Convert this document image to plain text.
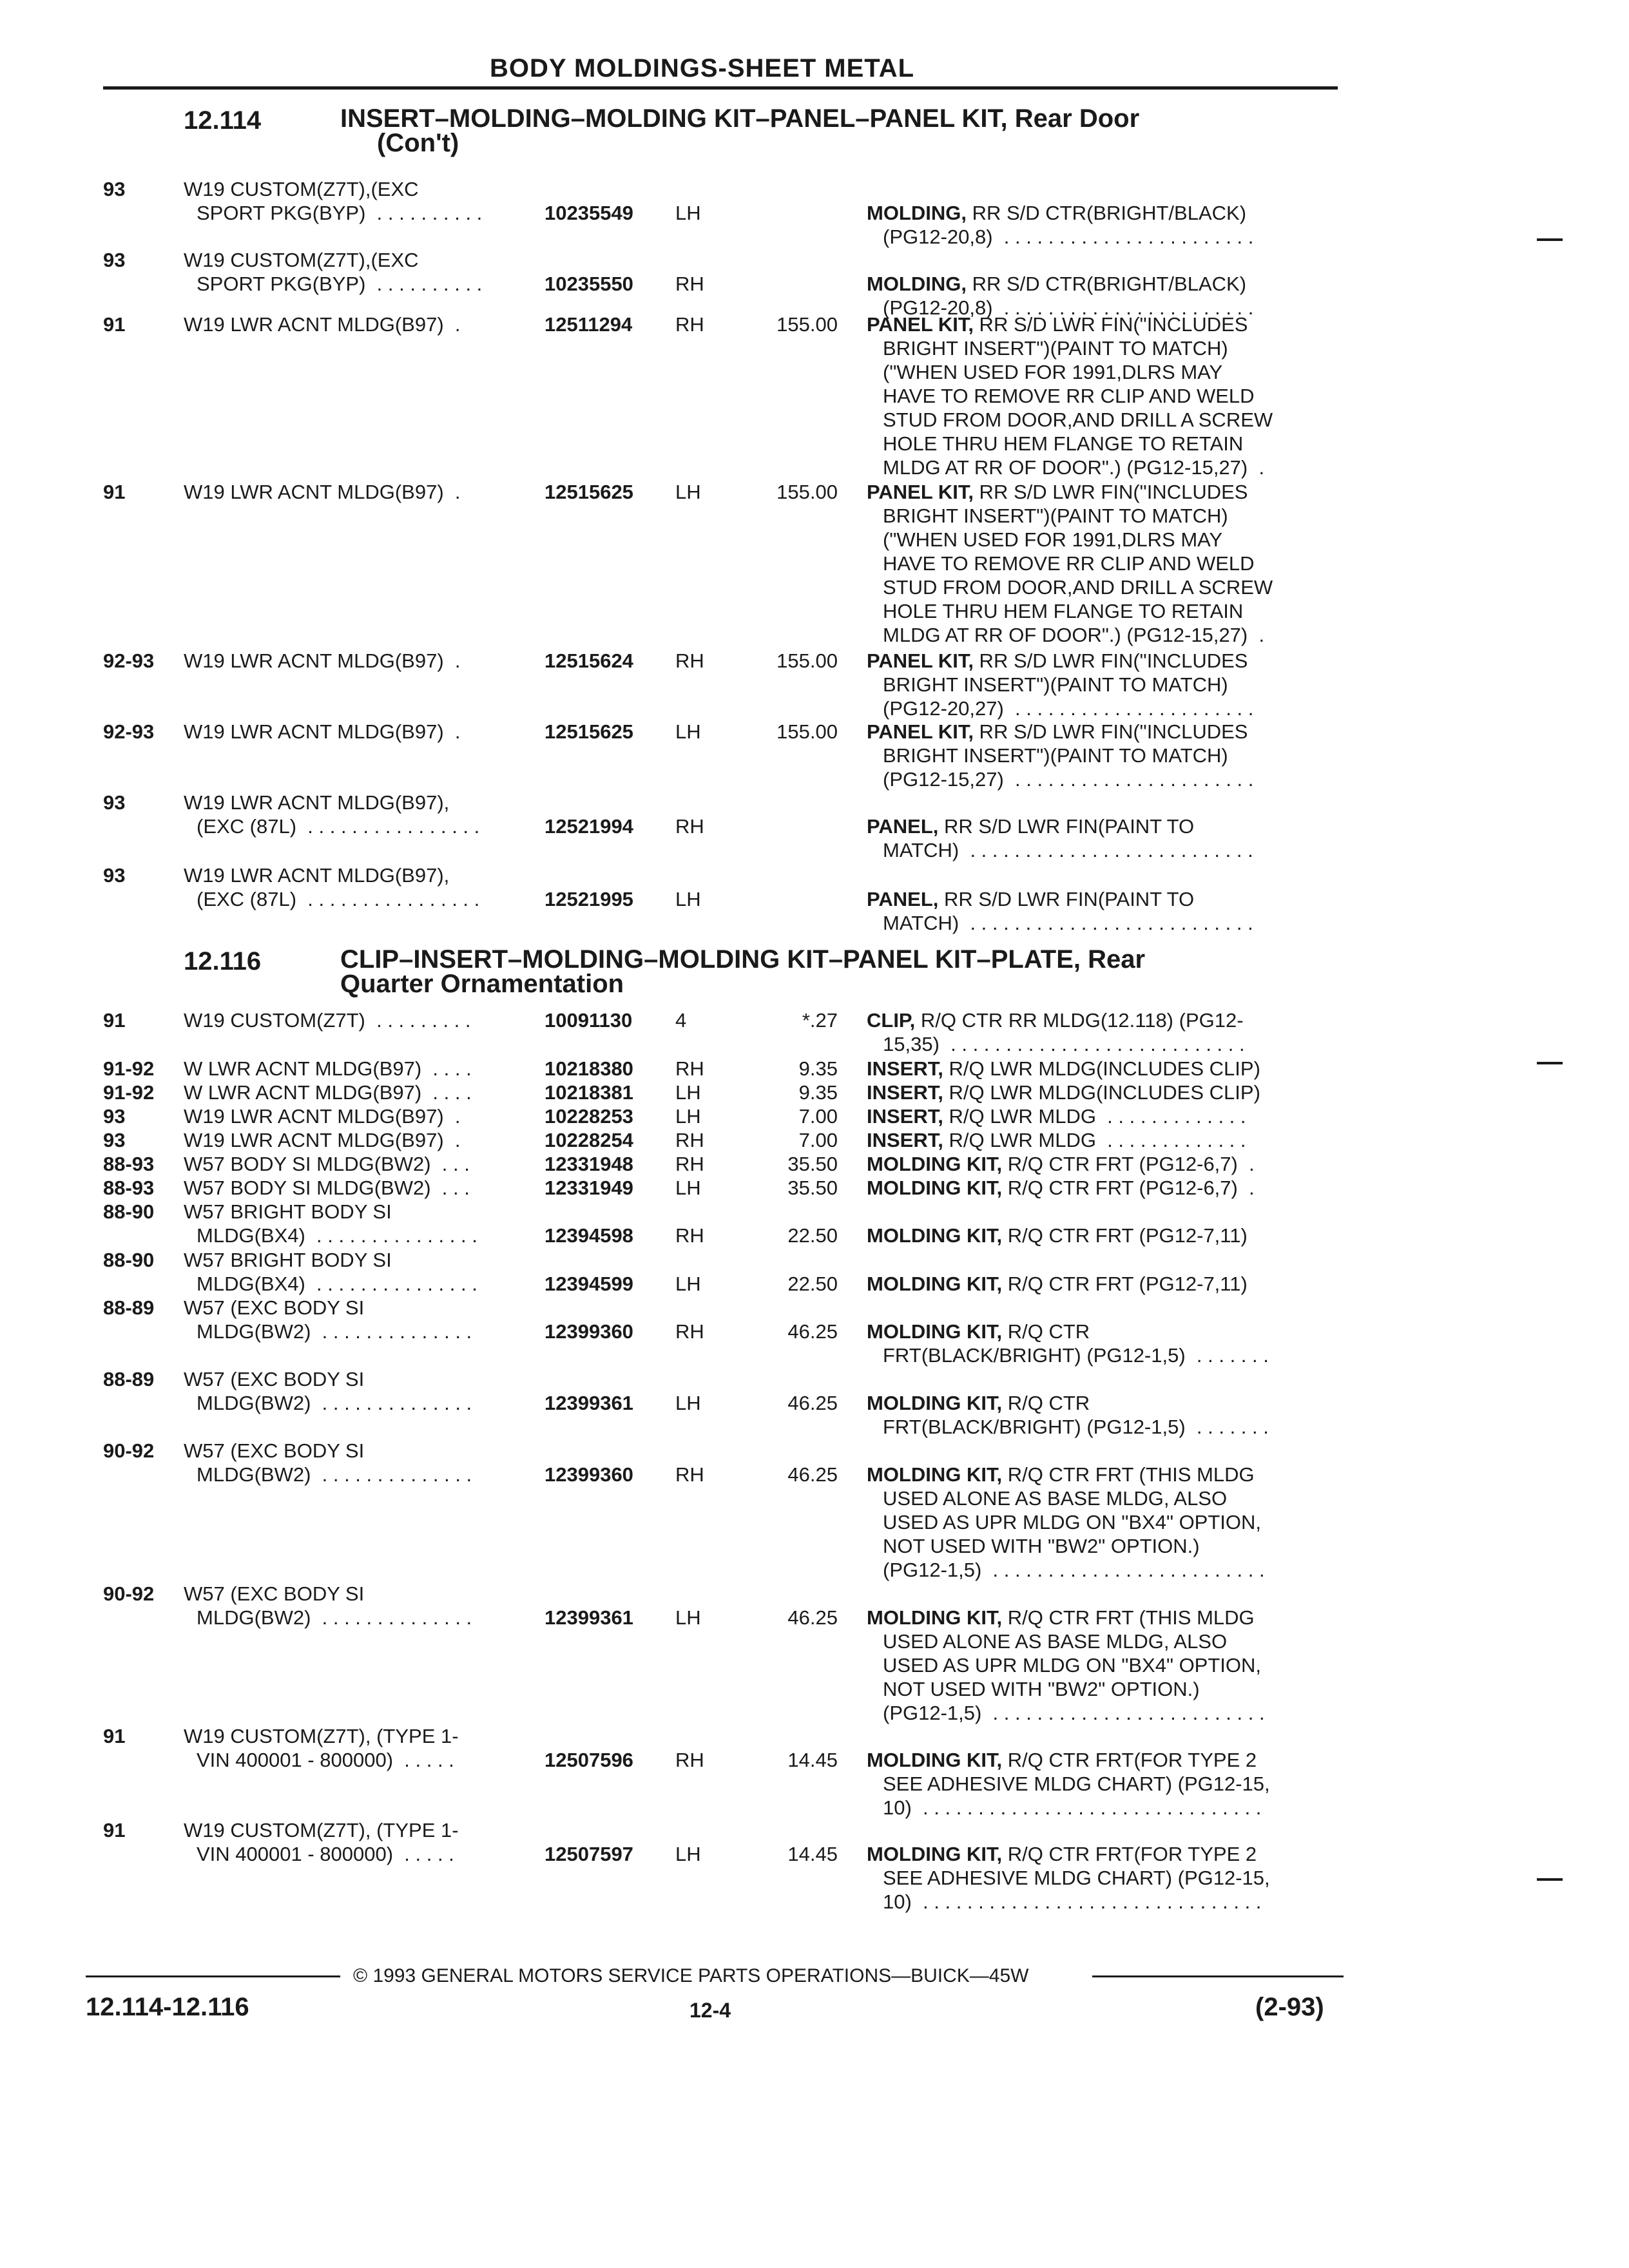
BODY MOLDINGS-SHEET METAL
12.114	INSERT–MOLDING–MOLDING KIT–PANEL–PANEL KIT, Rear Door
(Con't)
12.116	CLIP–INSERT–MOLDING–MOLDING KIT–PANEL KIT–PLATE, Rear
Quarter Ornamentation
93	W19 CUSTOM(Z7T),(EXC
SPORT PKG(BYP)  . . . . . . . . . .	10235549 LH	MOLDING, RR S/D CTR(BRIGHT/BLACK)
(PG12-20,8)  . . . . . . . . . . . . . . . . . . . . . . .
93	W19 CUSTOM(Z7T),(EXC
SPORT PKG(BYP)  . . . . . . . . . .	10235550 RH	MOLDING, RR S/D CTR(BRIGHT/BLACK)
(PG12-20,8)  . . . . . . . . . . . . . . . . . . . . . . .
91	W19 LWR ACNT MLDG(B97)  .	12511294 RH	155.00 PANEL KIT, RR S/D LWR FIN("INCLUDES
BRIGHT INSERT")(PAINT TO MATCH)
("WHEN USED FOR 1991,DLRS MAY
HAVE TO REMOVE RR CLIP AND WELD
STUD FROM DOOR,AND DRILL A SCREW
HOLE THRU HEM FLANGE TO RETAIN
MLDG AT RR OF DOOR".) (PG12-15,27)  .
91	W19 LWR ACNT MLDG(B97)  .	12515625 LH	155.00 PANEL KIT, RR S/D LWR FIN("INCLUDES
BRIGHT INSERT")(PAINT TO MATCH)
("WHEN USED FOR 1991,DLRS MAY
HAVE TO REMOVE RR CLIP AND WELD
STUD FROM DOOR,AND DRILL A SCREW
HOLE THRU HEM FLANGE TO RETAIN
MLDG AT RR OF DOOR".) (PG12-15,27)  .
92-93 W19 LWR ACNT MLDG(B97)  .	12515624 RH	155.00 PANEL KIT, RR S/D LWR FIN("INCLUDES
BRIGHT INSERT")(PAINT TO MATCH)
(PG12-20,27)  . . . . . . . . . . . . . . . . . . . . . .
92-93 W19 LWR ACNT MLDG(B97)  .	12515625 LH	155.00 PANEL KIT, RR S/D LWR FIN("INCLUDES
BRIGHT INSERT")(PAINT TO MATCH)
(PG12-15,27)  . . . . . . . . . . . . . . . . . . . . . .
93	W19 LWR ACNT MLDG(B97),
(EXC (87L)  . . . . . . . . . . . . . . . .	12521994 RH	PANEL, RR S/D LWR FIN(PAINT TO
MATCH)  . . . . . . . . . . . . . . . . . . . . . . . . . .
93	W19 LWR ACNT MLDG(B97),
(EXC (87L)  . . . . . . . . . . . . . . . .	12521995 LH	PANEL, RR S/D LWR FIN(PAINT TO
MATCH)  . . . . . . . . . . . . . . . . . . . . . . . . . .
91	W19 CUSTOM(Z7T)  . . . . . . . . .	10091130 4	*.27 CLIP, R/Q CTR RR MLDG(12.118) (PG12-
15,35)  . . . . . . . . . . . . . . . . . . . . . . . . . . .
91-92 W LWR ACNT MLDG(B97)  . . . .	10218380 RH	9.35 INSERT, R/Q LWR MLDG(INCLUDES CLIP)
91-92 W LWR ACNT MLDG(B97)  . . . .	10218381 LH	9.35 INSERT, R/Q LWR MLDG(INCLUDES CLIP)
93	W19 LWR ACNT MLDG(B97)  .	10228253 LH	7.00 INSERT, R/Q LWR MLDG  . . . . . . . . . . . . .
93	W19 LWR ACNT MLDG(B97)  .	10228254 RH	7.00 INSERT, R/Q LWR MLDG  . . . . . . . . . . . . .
88-93 W57 BODY SI MLDG(BW2)  . . .	12331948 RH	35.50 MOLDING KIT, R/Q CTR FRT (PG12-6,7)  .
88-93 W57 BODY SI MLDG(BW2)  . . .	12331949 LH	35.50 MOLDING KIT, R/Q CTR FRT (PG12-6,7)  .
88-90 W57 BRIGHT BODY SI
MLDG(BX4)  . . . . . . . . . . . . . . .	12394598 RH	22.50 MOLDING KIT, R/Q CTR FRT (PG12-7,11)
88-90 W57 BRIGHT BODY SI
MLDG(BX4)  . . . . . . . . . . . . . . .	12394599 LH	22.50 MOLDING KIT, R/Q CTR FRT (PG12-7,11)
88-89 W57 (EXC BODY SI
MLDG(BW2)  . . . . . . . . . . . . . .	12399360 RH	46.25 MOLDING KIT, R/Q CTR
FRT(BLACK/BRIGHT) (PG12-1,5)  . . . . . . .
88-89 W57 (EXC BODY SI
MLDG(BW2)  . . . . . . . . . . . . . .	12399361 LH	46.25 MOLDING KIT, R/Q CTR
FRT(BLACK/BRIGHT) (PG12-1,5)  . . . . . . .
90-92 W57 (EXC BODY SI
MLDG(BW2)  . . . . . . . . . . . . . .	12399360 RH	46.25 MOLDING KIT, R/Q CTR FRT (THIS MLDG
USED ALONE AS BASE MLDG, ALSO
USED AS UPR MLDG ON "BX4" OPTION,
NOT USED WITH "BW2" OPTION.)
(PG12-1,5)  . . . . . . . . . . . . . . . . . . . . . . . . .
90-92 W57 (EXC BODY SI
MLDG(BW2)  . . . . . . . . . . . . . .	12399361 LH	46.25 MOLDING KIT, R/Q CTR FRT (THIS MLDG
USED ALONE AS BASE MLDG, ALSO
USED AS UPR MLDG ON "BX4" OPTION,
NOT USED WITH "BW2" OPTION.)
(PG12-1,5)  . . . . . . . . . . . . . . . . . . . . . . . . .
91	W19 CUSTOM(Z7T), (TYPE 1-
VIN 400001 - 800000)  . . . . .	12507596 RH	14.45 MOLDING KIT, R/Q CTR FRT(FOR TYPE 2
SEE ADHESIVE MLDG CHART) (PG12-15,
10)  . . . . . . . . . . . . . . . . . . . . . . . . . . . . . . .
91	W19 CUSTOM(Z7T), (TYPE 1-
VIN 400001 - 800000)  . . . . .	12507597 LH	14.45 MOLDING KIT, R/Q CTR FRT(FOR TYPE 2
SEE ADHESIVE MLDG CHART) (PG12-15,
10)  . . . . . . . . . . . . . . . . . . . . . . . . . . . . . . .
© 1993 GENERAL MOTORS SERVICE PARTS OPERATIONS—BUICK—45W
12.114-12.116	12-4	(2-93)
